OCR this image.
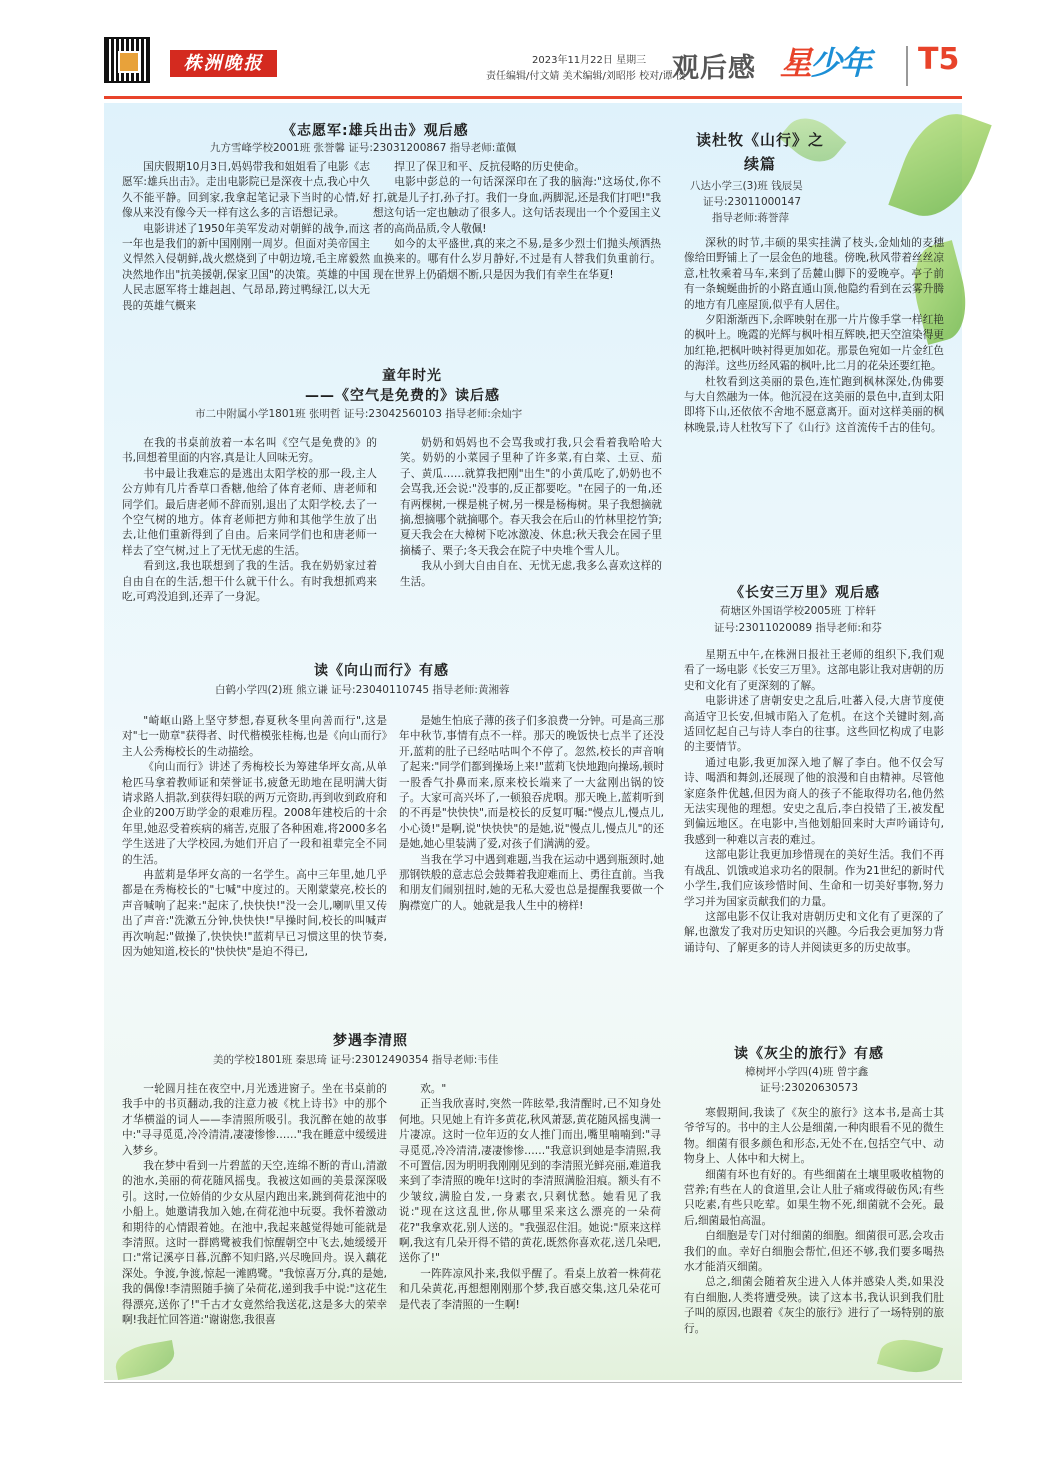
株洲晚报	2023年11月22日 星期三
责任编辑/付文婧 美术编辑/刘昭彤 校对/谭 佼
观后感 星少年 T5
《志愿军:雄兵出击》观后感
九方雪峰学校2001班 张誉馨 证号:23031200867 指导老师:董佩

国庆假期10月3日,妈妈带我和姐姐看了电影《志愿军:雄兵出击》。走出电影院已是深夜十点,我心中久久不能平静。回到家,我拿起笔记录下当时的心情,好像从来没有像今天一样有这么多的言语想记录。

电影讲述了1950年美军发动对朝鲜的战争,而这一年也是我们的新中国刚刚一周岁。但面对美帝国主义悍然入侵朝鲜,战火燃烧到了中朝边境,毛主席毅然决然地作出"抗美援朝,保家卫国"的决策。英雄的中国人民志愿军将士雄赳赳、气昂昂,跨过鸭绿江,以大无畏的英雄气概来

捍卫了保卫和平、反抗侵略的历史使命。

电影中彭总的一句话深深印在了我的脑海:"这场仗,你不打,就是儿子打,孙子打。我们一身血,两脚泥,还是我们打吧!"我想这句话一定也触动了很多人。这句话表现出一个个爱国主义者的高尚品质,令人敬佩!

如今的太平盛世,真的来之不易,是多少烈士们抛头颅洒热血换来的。哪有什么岁月静好,不过是有人替我们负重前行。现在世界上仍硝烟不断,只是因为我们有幸生在华夏!

童年时光
——《空气是免费的》读后感
市二中附属小学1801班 张明哲 证号:23042560103 指导老师:余灿宇

在我的书桌前放着一本名叫《空气是免费的》的书,回想着里面的内容,真是让人回味无穷。

书中最让我难忘的是逃出太阳学校的那一段,主人公方帅有几片香草口香糖,他给了体育老师、唐老师和同学们。最后唐老师不辞而别,退出了太阳学校,去了一个空气树的地方。体育老师把方帅和其他学生放了出去,让他们重新得到了自由。后来同学们也和唐老师一样去了空气树,过上了无忧无虑的生活。

看到这,我也联想到了我的生活。我在奶奶家过着自由自在的生活,想干什么就干什么。有时我想抓鸡来吃,可鸡没追到,还弄了一身泥。

奶奶和妈妈也不会骂我或打我,只会看着我哈哈大笑。奶奶的小菜园子里种了许多菜,有白菜、土豆、茄子、黄瓜……就算我把刚"出生"的小黄瓜吃了,奶奶也不会骂我,还会说:"没事的,反正都要吃。"在园子的一角,还有两棵树,一棵是桃子树,另一棵是杨梅树。果子我想摘就摘,想摘哪个就摘哪个。春天我会在后山的竹林里挖竹笋;夏天我会在大樟树下吃冰激凌、休息;秋天我会在园子里摘橘子、栗子;冬天我会在院子中央堆个雪人儿。

我从小到大自由自在、无忧无虑,我多么喜欢这样的生活。

读《向山而行》有感
白鹤小学四(2)班 熊立谦 证号:23040110745 指导老师:黄湘蓉

"崎岖山路上坚守梦想,春夏秋冬里向善而行",这是对"七一勋章"获得者、时代楷模张桂梅,也是《向山而行》主人公秀梅校长的生动描绘。

《向山而行》讲述了秀梅校长为筹建华坪女高,从单枪匹马拿着教师证和荣誉证书,疲惫无助地在昆明满大街请求路人捐款,到获得妇联的两万元资助,再到收到政府和企业的200万助学金的艰难历程。2008年建校后的十余年里,她忍受着疾病的痛苦,克服了各种困难,将2000多名学生送进了大学校园,为她们开启了一段和祖辈完全不同的生活。

冉蓝莉是华坪女高的一名学生。高中三年里,她几乎都是在秀梅校长的"七喊"中度过的。天刚蒙蒙亮,校长的声音喊响了起来:"起床了,快快快!"没一会儿,喇叭里又传出了声音:"洗漱五分钟,快快快!"早操时间,校长的叫喊声再次响起:"做操了,快快快!"蓝莉早已习惯这里的快节奏,因为她知道,校长的"快快快"是迫不得已,

是她生怕底子薄的孩子们多浪费一分钟。可是高三那年中秋节,事情有点不一样。那天的晚饭快七点半了还没开,蓝莉的肚子已经咕咕叫个不停了。忽然,校长的声音响了起来:"同学们都到操场上来!"蓝莉飞快地跑向操场,顿时一股香气扑鼻而来,原来校长端来了一大盆刚出锅的饺子。大家可高兴坏了,一顿狼吞虎咽。那天晚上,蓝莉听到的不再是"快快快",而是校长的反复叮嘱:"慢点儿,慢点儿,小心烫!"是啊,说"快快快"的是她,说"慢点儿,慢点儿"的还是她,她心里装满了爱,对孩子们满满的爱。

当我在学习中遇到难题,当我在运动中遇到瓶颈时,她那钢铁般的意志总会鼓舞着我迎难而上、勇往直前。当我和朋友们闹别扭时,她的无私大爱也总是提醒我要做一个胸襟宽广的人。她就是我人生中的榜样!

梦遇李清照
美的学校1801班 秦思琦 证号:23012490354 指导老师:韦佳

一轮圆月挂在夜空中,月光透进窗子。坐在书桌前的我手中的书页翻动,我的注意力被《枕上诗书》中的那个才华横溢的词人——李清照所吸引。我沉醉在她的故事中:"寻寻觅觅,冷冷清清,凄凄惨惨……"我在睡意中缓缓进入梦乡。

我在梦中看到一片碧蓝的天空,连绵不断的青山,清澈的池水,美丽的荷花随风摇曳。我被这如画的美景深深吸引。这时,一位娇俏的少女从屋内跑出来,跳到荷花池中的小船上。她邀请我加入她,在荷花池中玩耍。我怀着激动和期待的心情跟着她。在池中,我起来越觉得她可能就是李清照。这时一群鸥鹭被我们惊醒朝空中飞去,她缓缓开口:"常记溪亭日暮,沉醉不知归路,兴尽晚回舟。误入藕花深处。争渡,争渡,惊起一滩鸥鹭。"我惊喜万分,真的是她,我的偶像!李清照随手摘了朵荷花,递到我手中说:"这花生得漂亮,送你了!"千古才女竟然给我送花,这是多大的荣幸啊!我赶忙回答道:"谢谢您,我很喜

欢。"

正当我欣喜时,突然一阵眩晕,我清醒时,已不知身处何地。只见她上有许多黄花,秋风萧瑟,黄花随风摇曳满一片凄凉。这时一位年迈的女人推门而出,嘴里喃喃到:"寻寻觅觅,冷冷清清,凄凄惨惨……"我意识到她是李清照,我不可置信,因为明明我刚刚见到的李清照光鲜亮丽,难道我来到了李清照的晚年!这时的李清照满脸泪痕。额头有不少皱纹,满脸白发,一身素衣,只剩忧愁。她看见了我说:"现在这这乱世,你从哪里采来这么漂亮的一朵荷花?"我拿欢花,别人送的。"我强忍住泪。她说:"原来这样啊,我这有几朵开得不错的黄花,既然你喜欢花,送几朵吧,送你了!"

一阵阵凉风扑来,我似乎醒了。看桌上放着一株荷花和几朵黄花,再想想刚刚那个梦,我百感交集,这几朵花可是代表了李清照的一生啊!

读杜牧《山行》之续篇
八达小学三(3)班 钱辰昊
证号:23011000147
指导老师:蒋誉萍

深秋的时节,丰硕的果实挂满了枝头,金灿灿的麦穗像给田野铺上了一层金色的地毯。傍晚,秋风带着丝丝凉意,杜牧乘着马车,来到了岳麓山脚下的爱晚亭。亭子前有一条蜿蜒曲折的小路直通山顶,他隐约看到在云雾升腾的地方有几座屋顶,似乎有人居住。

夕阳渐渐西下,余晖映射在那一片片像手掌一样红艳的枫叶上。晚霞的光辉与枫叶相互辉映,把天空渲染得更加红艳,把枫叶映衬得更加如花。那景色宛如一片金红色的海洋。这些历经风霜的枫叶,比二月的花朵还要红艳。

杜牧看到这美丽的景色,连忙跑到枫林深处,伪佛要与大自然融为一体。他沉浸在这美丽的景色中,直到太阳即将下山,还依依不舍地不愿意离开。面对这样美丽的枫林晚景,诗人杜牧写下了《山行》这首流传千古的佳句。

《长安三万里》观后感
荷塘区外国语学校2005班 丁梓轩
证号:23011020089 指导老师:和芬

星期五中午,在株洲日报社王老师的组织下,我们观看了一场电影《长安三万里》。这部电影让我对唐朝的历史和文化有了更深刻的了解。

电影讲述了唐朝安史之乱后,吐蕃入侵,大唐节度使高适守卫长安,但城市陷入了危机。在这个关键时刻,高适回忆起自己与诗人李白的往事。这些回忆构成了电影的主要情节。

通过电影,我更加深入地了解了李白。他不仅会写诗、喝酒和舞剑,还展现了他的浪漫和自由精神。尽管他家庭条件优越,但因为商人的孩子不能取得功名,他仍然无法实现他的理想。安史之乱后,李白投错了王,被发配到偏远地区。在电影中,当他划船回来时大声吟诵诗句,我感到一种难以言表的难过。

这部电影让我更加珍惜现在的美好生活。我们不再有战乱、饥饿或追求功名的限制。作为21世纪的新时代小学生,我们应该珍惜时间、生命和一切美好事物,努力学习并为国家贡献我们的力量。

这部电影不仅让我对唐朝历史和文化有了更深的了解,也激发了我对历史知识的兴趣。今后我会更加努力背诵诗句、了解更多的诗人并阅读更多的历史故事。

读《灰尘的旅行》有感
樟树坪小学四(4)班 曾宇鑫
证号:23020630573

寒假期间,我读了《灰尘的旅行》这本书,是高士其爷爷写的。书中的主人公是细菌,一种肉眼看不见的微生物。细菌有很多颜色和形态,无处不在,包括空气中、动物身上、人体中和大树上。

细菌有坏也有好的。有些细菌在土壤里吸收植物的营养;有些在人的食道里,会让人肚子痛或得破伤风;有些只吃素,有些只吃荤。如果生物不死,细菌就不会死。最后,细菌最怕高温。

白细胞是专门对付细菌的细胞。细菌很可恶,会攻击我们的血。幸好白细胞会帮忙,但还不够,我们要多喝热水才能消灭细菌。

总之,细菌会随着灰尘进入人体并感染人类,如果没有白细胞,人类将遭受殃。读了这本书,我认识到我们肚子叫的原因,也跟着《灰尘的旅行》进行了一场特别的旅行。
